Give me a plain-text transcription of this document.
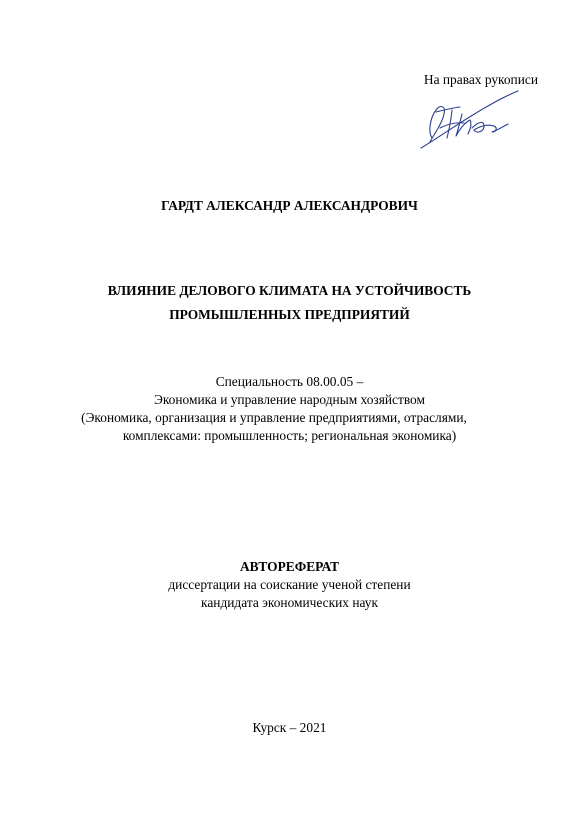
На правах рукописи
ГАРДТ АЛЕКСАНДР АЛЕКСАНДРОВИЧ
ВЛИЯНИЕ ДЕЛОВОГО КЛИМАТА НА УСТОЙЧИВОСТЬ
ПРОМЫШЛЕННЫХ ПРЕДПРИЯТИЙ
Специальность 08.00.05 –
Экономика и управление народным хозяйством
(Экономика, организация и управление предприятиями, отраслями,
комплексами: промышленность; региональная экономика)
АВТОРЕФЕРАТ
диссертации на соискание ученой степени
кандидата экономических наук
Курск – 2021
